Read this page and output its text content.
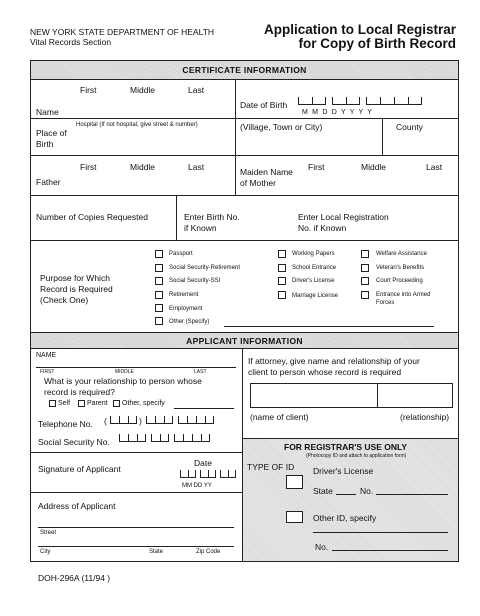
NEW YORK STATE DEPARTMENT OF HEALTH
Vital Records Section
Application to Local Registrar
for Copy of Birth Record
CERTIFICATE INFORMATION
First	Middle	Last
Name
Date of Birth
M M D D Y Y Y Y
Hospital (If not hospital, give street & number)
Place of
Birth
(Village, Town or City)	County
First	Middle	Last
Father
Maiden Name
of Mother
First	Middle	Last
Number of Copies Requested	Enter Birth No.
if Known
Enter Local Registration
No. if Known
Purpose for Which
Record is Required
(Check One)
Passport
Social Security-Retirement
Social Security-SSI
Retirement
Employment
Other (Specify)
Working Papers
School Entrance
Driver's License
Marriage License
Welfare Assistance
Veteran's Benefits
Court Proceeding
Entrance into Armed
Forces
APPLICANT INFORMATION
NAME
FIRST	MIDDLE	LAST
What is your relationship to person whose
record is required?
Self Parent Other, specify
Telephone No. (	)
Social Security No.
Signature of Applicant
Date
MM DD YY
Address of Applicant
Street
City	State	Zip Code
If attorney, give name and relationship of your
client to person whose record is required
(name of client)	(relationship)
FOR REGISTRAR'S USE ONLY
(Photocopy ID and attach to application form)
TYPE OF ID Driver's License
State	No.
Other ID, specify
No.
DOH-296A (11/94 )
